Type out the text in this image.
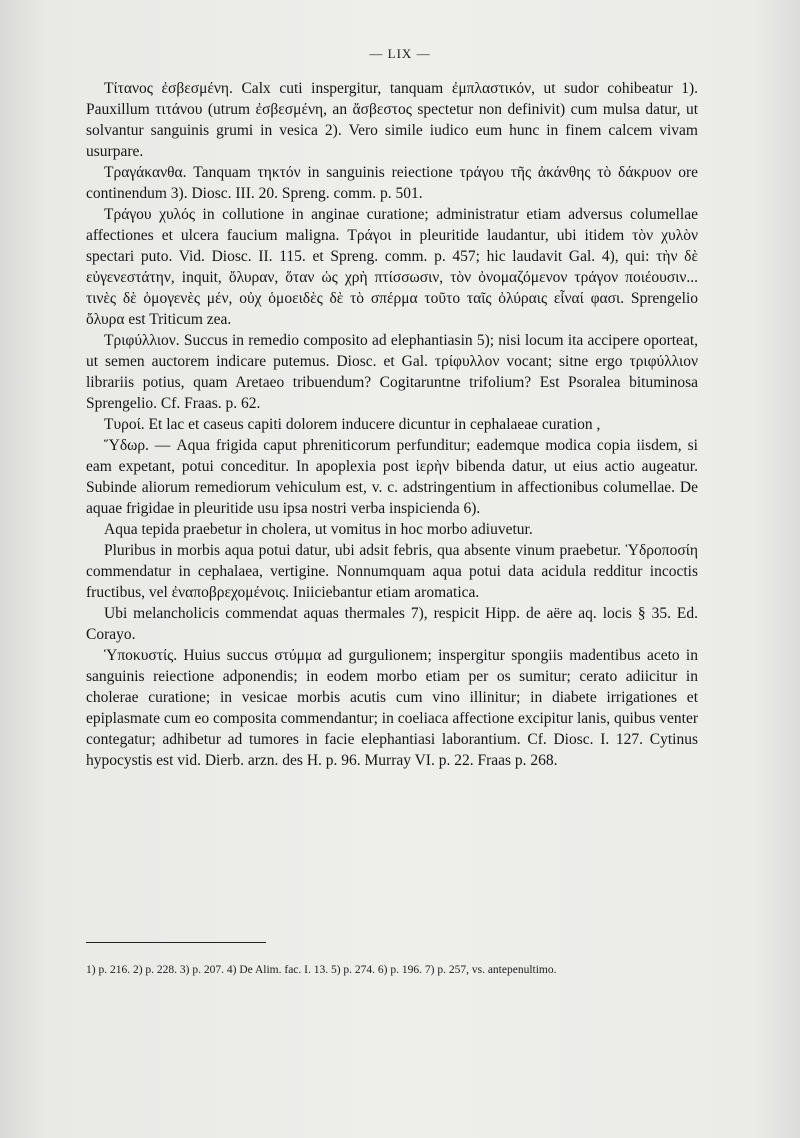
— LIX —

Τίτανος ἐσβεσμένη. Calx cuti inspergitur, tanquam ἐμπλαστικόν, ut sudor cohibeatur 1). Pauxillum τιτάνου (utrum ἐσβεσμένη, an ἄσβεστος spectetur non definivit) cum mulsa datur, ut solvantur sanguinis grumi in vesica 2). Vero simile iudico eum hunc in finem calcem vivam usurpare.

Τραγάκανθα. Tanquam τηκτόν in sanguinis reiectione τράγου τῆς ἀκάνθης τὸ δάκρυον ore continendum 3). Diosc. III. 20. Spreng. comm. p. 501.

Τράγου χυλός in collutione in anginae curatione; administratur etiam adversus columellae affectiones et ulcera faucium maligna. Τράγοι in pleuritide laudantur, ubi itidem τὸν χυλὸν spectari puto. Vid. Diosc. II. 115. et Spreng. comm. p. 457; hic laudavit Gal. 4), qui: τὴν δὲ εὐγενεστάτην, inquit, ὄλυραν, ὅταν ὡς χρὴ πτίσσωσιν, τὸν ὀνομαζόμενον τράγον ποιέουσιν... τινὲς δὲ ὁμογενὲς μέν, οὐχ ὁμοειδὲς δὲ τὸ σπέρμα τοῦτο ταῖς ὀλύραις εἶναί φασι. Sprengelio ὄλυρα est Triticum zea.

Τριφύλλιον. Succus in remedio composito ad elephantiasin 5); nisi locum ita accipere oporteat, ut semen auctorem indicare putemus. Diosc. et Gal. τρίφυλλον vocant; sitne ergo τριφύλλιον librariis potius, quam Aretaeo tribuendum? Cogitaruntne trifolium? Est Psoralea bituminosa Sprengelio. Cf. Fraas. p. 62.

Τυροί. Et lac et caseus capiti dolorem inducere dicuntur in cephalaeae curation ,

Ὕδωρ. — Aqua frigida caput phreniticorum perfunditur; eademque modica copia iisdem, si eam expetant, potui conceditur. In apoplexia post ἱερὴν bibenda datur, ut eius actio augeatur. Subinde aliorum remediorum vehiculum est, v. c. adstringentium in affectionibus columellae. De aquae frigidae in pleuritide usu ipsa nostri verba inspicienda 6).

Aqua tepida praebetur in cholera, ut vomitus in hoc morbo adiuvetur.

Pluribus in morbis aqua potui datur, ubi adsit febris, qua absente vinum praebetur. Ὑδροποσίη commendatur in cephalaea, vertigine. Nonnumquam aqua potui data acidula redditur incoctis fructibus, vel ἐναποβρεχομένοις. Iniiciebantur etiam aromatica.

Ubi melancholicis commendat aquas thermales 7), respicit Hipp. de aëre aq. locis § 35. Ed. Corayo.

Ὑποκυστίς. Huius succus στύμμα ad gurgulionem; inspergitur spongiis madentibus aceto in sanguinis reiectione adponendis; in eodem morbo etiam per os sumitur; cerato adiicitur in cholerae curatione; in vesicae morbis acutis cum vino illinitur; in diabete irrigationes et epiplasmate cum eo composita commendantur; in coeliaca affectione excipitur lanis, quibus venter contegatur; adhibetur ad tumores in facie elephantiasi laborantium. Cf. Diosc. I. 127. Cytinus hypocystis est vid. Dierb. arzn. des H. p. 96. Murray VI. p. 22. Fraas p. 268.

1) p. 216. 2) p. 228. 3) p. 207. 4) De Alim. fac. I. 13. 5) p. 274. 6) p. 196. 7) p. 257, vs. antepenultimo.
